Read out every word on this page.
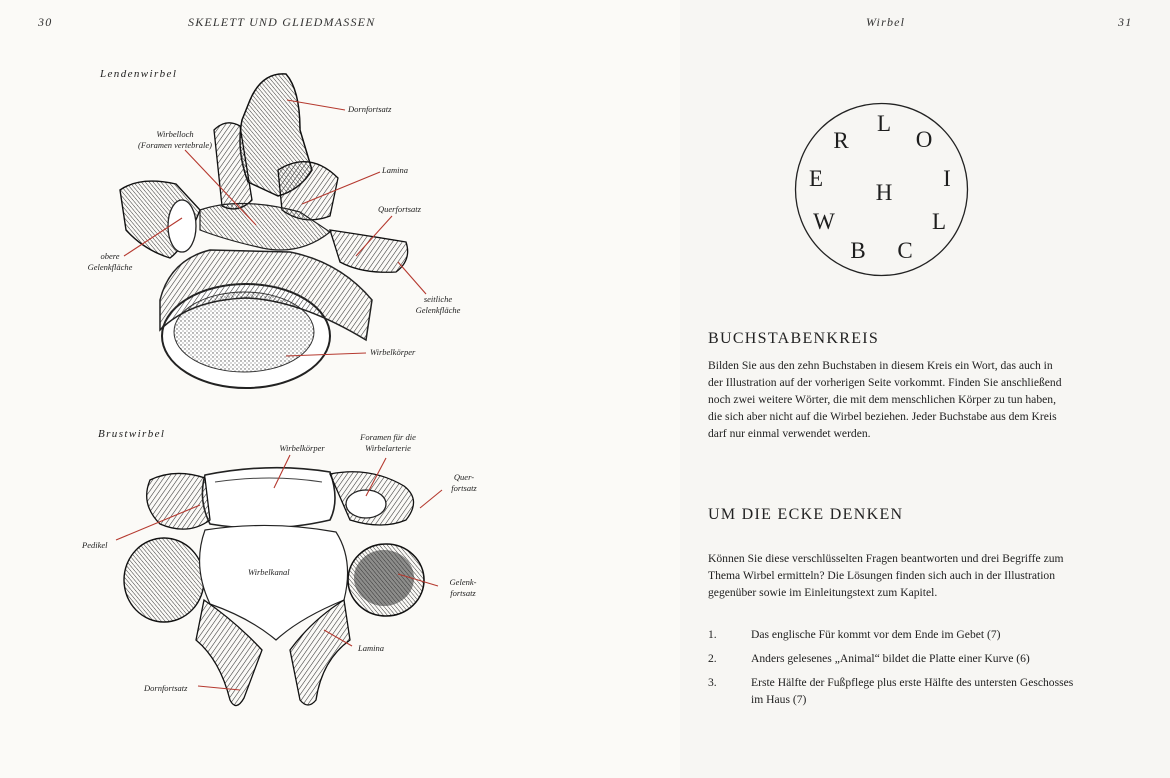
30	SKELETT UND GLIEDMASSEN
Lendenwirbel
Dornfortsatz
Wirbelloch
(Foramen vertebrale)
Lamina
Querfortsatz
obere
Gelenkfläche
seitliche
Gelenkfläche
Wirbelkörper
Brustwirbel
Wirbelkörper
Foramen für die
Wirbelarterie
Quer-
fortsatz
Pedikel
Wirbelkanal
Gelenk-
fortsatz
Lamina
Dornfortsatz
Wirbel	31
L
R	O
E	I
H
W	L
B C
BUCHSTABENKREIS

Bilden Sie aus den zehn Buchstaben in diesem Kreis ein Wort, das auch in der Illustration auf der vorherigen Seite vorkommt. Finden Sie anschließend noch zwei weitere Wörter, die mit dem menschlichen Körper zu tun haben, die sich aber nicht auf die Wirbel beziehen. Jeder Buchstabe aus dem Kreis darf nur einmal verwendet werden.

UM DIE ECKE DENKEN

Können Sie diese verschlüsselten Fragen beantworten und drei Begriffe zum Thema Wirbel ermitteln? Die Lösungen finden sich auch in der Illustration gegenüber sowie im Einleitungstext zum Kapitel.

1.	Das englische Für kommt vor dem Ende im Gebet (7)
2.	Anders gelesenes „Animal“ bildet die Platte einer Kurve (6)
3.	Erste Hälfte der Fußpflege plus erste Hälfte des untersten Geschosses im Haus (7)
